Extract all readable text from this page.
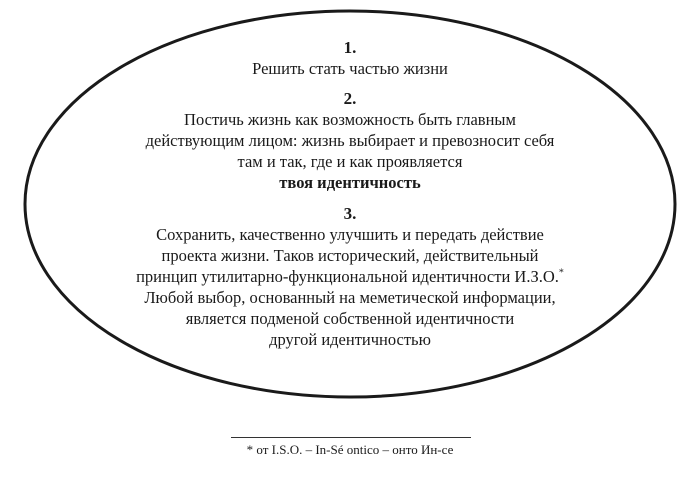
1.
Решить стать частью жизни
2.
Постичь жизнь как возможность быть главным
действующим лицом: жизнь выбирает и превозносит себя
там и так, где и как проявляется
твоя идентичность
3.
Сохранить, качественно улучшить и передать действие
проекта жизни. Таков исторический, действительный
принцип утилитарно-функциональной идентичности И.З.О.*
Любой выбор, основанный на меметической информации,
является подменой собственной идентичности
другой идентичностью
* от I.S.O. – In-Sé ontico – онто Ин-се
